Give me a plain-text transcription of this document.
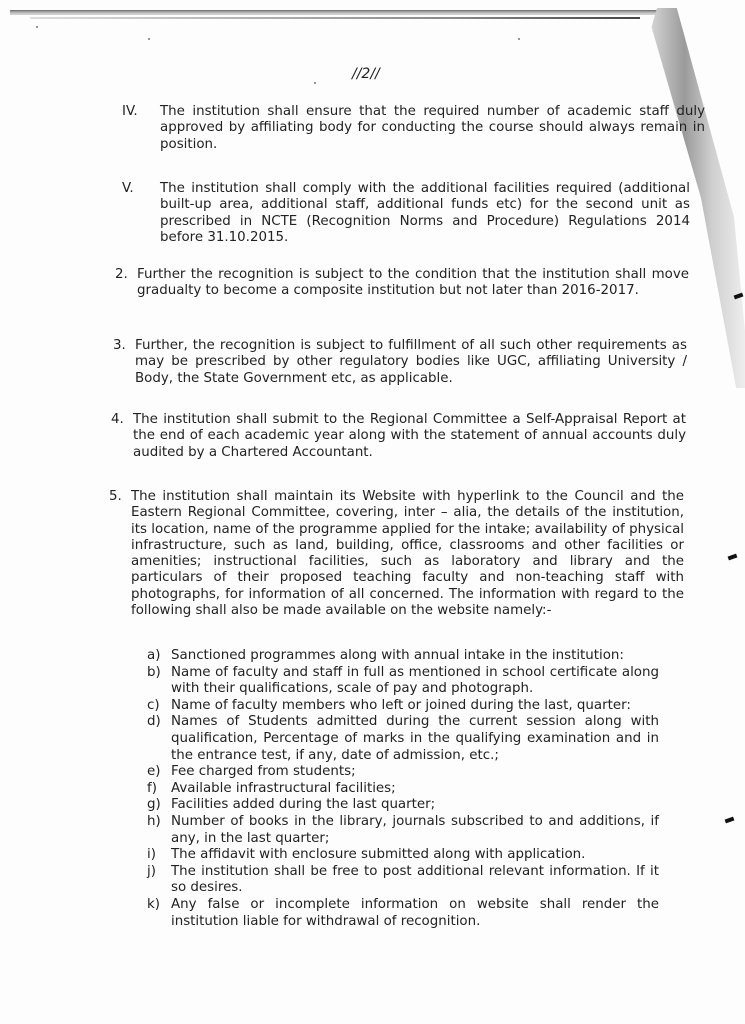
//2//
IV. The institution shall ensure that the required number of academic staff duly approved by affiliating body for conducting the course should always remain in position.
V. The institution shall comply with the additional facilities required (additional built-up area, additional staff, additional funds etc) for the second unit as prescribed in NCTE (Recognition Norms and Procedure) Regulations 2014 before 31.10.2015.
2. Further the recognition is subject to the condition that the institution shall move gradualty to become a composite institution but not later than 2016-2017.
3. Further, the recognition is subject to fulfillment of all such other requirements as may be prescribed by other regulatory bodies like UGC, affiliating University / Body, the State Government etc, as applicable.
4. The institution shall submit to the Regional Committee a Self-Appraisal Report at the end of each academic year along with the statement of annual accounts duly audited by a Chartered Accountant.
5. The institution shall maintain its Website with hyperlink to the Council and the Eastern Regional Committee, covering, inter – alia, the details of the institution, its location, name of the programme applied for the intake; availability of physical infrastructure, such as land, building, office, classrooms and other facilities or amenities; instructional facilities, such as laboratory and library and the particulars of their proposed teaching faculty and non-teaching staff with photographs, for information of all concerned. The information with regard to the following shall also be made available on the website namely:-
a) Sanctioned programmes along with annual intake in the institution:
b) Name of faculty and staff in full as mentioned in school certificate along with their qualifications, scale of pay and photograph.
c) Name of faculty members who left or joined during the last, quarter:
d) Names of Students admitted during the current session along with qualification, Percentage of marks in the qualifying examination and in the entrance test, if any, date of admission, etc.;
e) Fee charged from students;
f) Available infrastructural facilities;
g) Facilities added during the last quarter;
h) Number of books in the library, journals subscribed to and additions, if any, in the last quarter;
i) The affidavit with enclosure submitted along with application.
j) The institution shall be free to post additional relevant information. If it so desires.
k) Any false or incomplete information on website shall render the institution liable for withdrawal of recognition.
